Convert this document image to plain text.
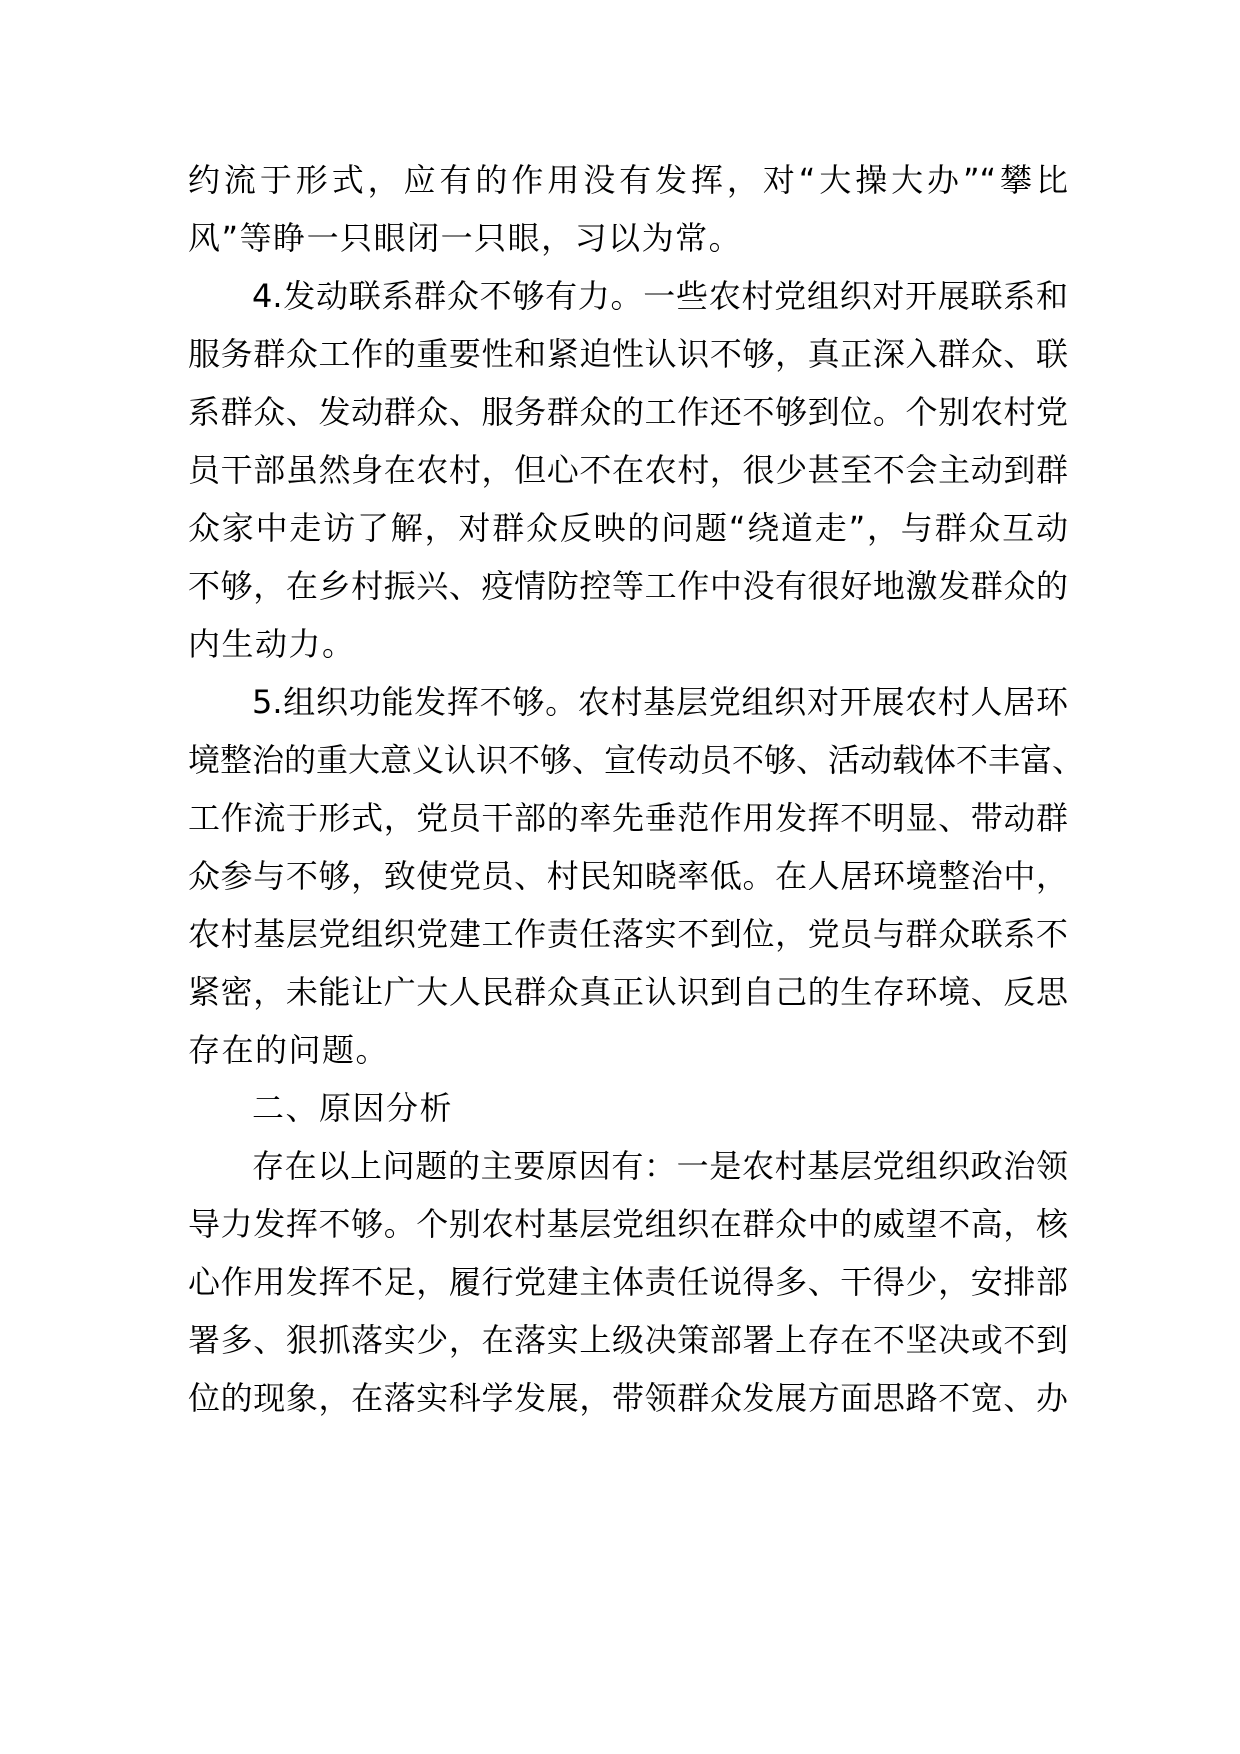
约流于形式，应有的作用没有发挥，对“大操大办”“攀比
风”等睁一只眼闭一只眼，习以为常。
4.发动联系群众不够有力。一些农村党组织对开展联系和
服务群众工作的重要性和紧迫性认识不够，真正深入群众、联
系群众、发动群众、服务群众的工作还不够到位。个别农村党
员干部虽然身在农村，但心不在农村，很少甚至不会主动到群
众家中走访了解，对群众反映的问题“绕道走”，与群众互动
不够，在乡村振兴、疫情防控等工作中没有很好地激发群众的
内生动力。
5.组织功能发挥不够。农村基层党组织对开展农村人居环
境整治的重大意义认识不够、宣传动员不够、活动载体不丰富、
工作流于形式，党员干部的率先垂范作用发挥不明显、带动群
众参与不够，致使党员、村民知晓率低。在人居环境整治中，
农村基层党组织党建工作责任落实不到位，党员与群众联系不
紧密，未能让广大人民群众真正认识到自己的生存环境、反思
存在的问题。
二、原因分析
存在以上问题的主要原因有：一是农村基层党组织政治领
导力发挥不够。个别农村基层党组织在群众中的威望不高，核
心作用发挥不足，履行党建主体责任说得多、干得少，安排部
署多、狠抓落实少，在落实上级决策部署上存在不坚决或不到
位的现象，在落实科学发展，带领群众发展方面思路不宽、办
